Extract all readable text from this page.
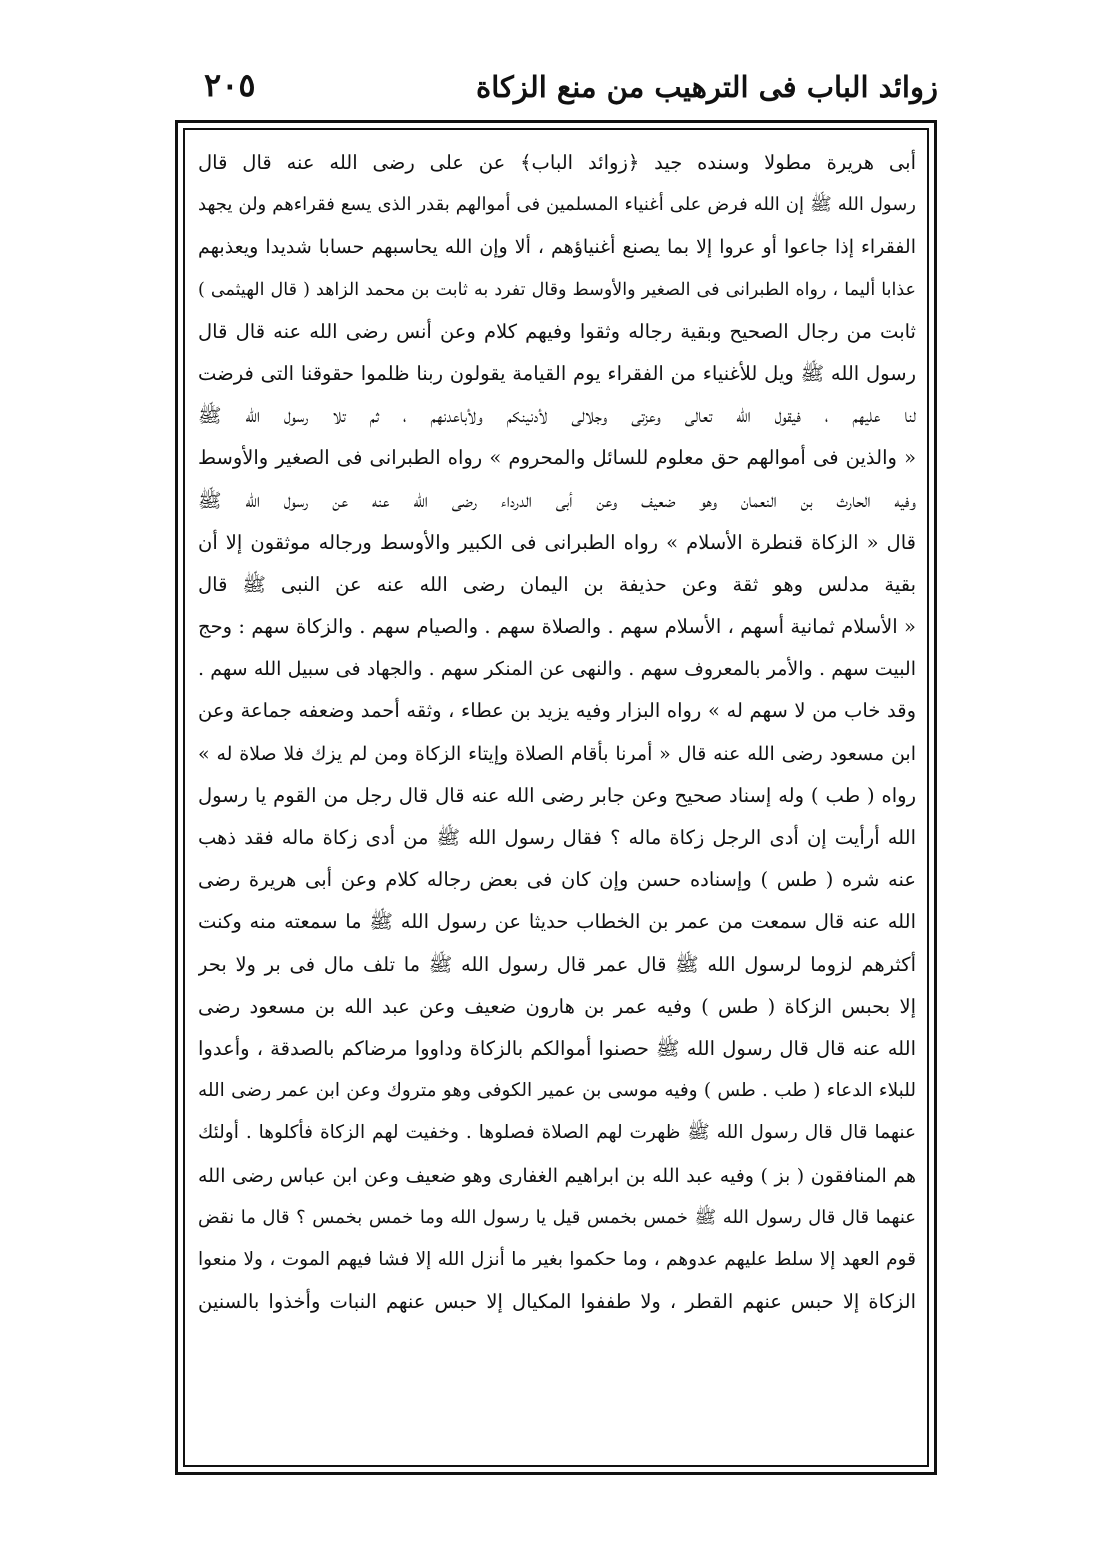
زوائد الباب فى الترهيب من منع الزكاة
٢٠٥
أبى هريرة مطولا وسنده جيد ﴿زوائد الباب﴾ عن على رضى الله عنه قال قال
رسول الله ﷺ إن الله فرض على أغنياء المسلمين فى أموالهم بقدر الذى يسع فقراءهم ولن يجهد
الفقراء إذا جاعوا أو عروا إلا بما يصنع أغنياؤهم ، ألا وإن الله يحاسبهم حسابا شديدا ويعذبهم
عذابا أليما ، رواه الطبرانى فى الصغير والأوسط وقال تفرد به ثابت بن محمد الزاهد ( قال الهيثمى )
ثابت من رجال الصحيح وبقية رجاله وثقوا وفيهم كلام وعن أنس رضى الله عنه قال قال
رسول الله ﷺ ويل للأغنياء من الفقراء يوم القيامة يقولون ربنا ظلموا حقوقنا التى فرضت
لنا عليهم ، فيقول الله تعالى وعزتى وجلالى لأدنينكم ولأباعدنهم ، ثم تلا رسول الله ﷺ
« والذين فى أموالهم حق معلوم للسائل والمحروم » رواه الطبرانى فى الصغير والأوسط
وفيه الحارث بن النعمان وهو ضعيف وعن أبى الدرداء رضى الله عنه عن رسول الله ﷺ
قال « الزكاة قنطرة الأسلام » رواه الطبرانى فى الكبير والأوسط ورجاله موثقون إلا أن
بقية مدلس وهو ثقة وعن حذيفة بن اليمان رضى الله عنه عن النبى ﷺ قال
« الأسلام ثمانية أسهم ، الأسلام سهم . والصلاة سهم . والصيام سهم . والزكاة سهم : وحج
البيت سهم . والأمر بالمعروف سهم . والنهى عن المنكر سهم . والجهاد فى سبيل الله سهم .
وقد خاب من لا سهم له » رواه البزار وفيه يزيد بن عطاء ، وثقه أحمد وضعفه جماعة وعن
ابن مسعود رضى الله عنه قال « أمرنا بأقام الصلاة وإيتاء الزكاة ومن لم يزك فلا صلاة له »
رواه ( طب ) وله إسناد صحيح وعن جابر رضى الله عنه قال قال رجل من القوم يا رسول
الله أرأيت إن أدى الرجل زكاة ماله ؟ فقال رسول الله ﷺ من أدى زكاة ماله فقد ذهب
عنه شره ( طس ) وإسناده حسن وإن كان فى بعض رجاله كلام وعن أبى هريرة رضى
الله عنه قال سمعت من عمر بن الخطاب حديثا عن رسول الله ﷺ ما سمعته منه وكنت
أكثرهم لزوما لرسول الله ﷺ قال عمر قال رسول الله ﷺ ما تلف مال فى بر ولا بحر
إلا بحبس الزكاة ( طس ) وفيه عمر بن هارون ضعيف وعن عبد الله بن مسعود رضى
الله عنه قال قال رسول الله ﷺ حصنوا أموالكم بالزكاة وداووا مرضاكم بالصدقة ، وأعدوا
للبلاء الدعاء ( طب . طس ) وفيه موسى بن عمير الكوفى وهو متروك وعن ابن عمر رضى الله
عنهما قال قال رسول الله ﷺ ظهرت لهم الصلاة فصلوها . وخفيت لهم الزكاة فأكلوها . أولئك
هم المنافقون ( بز ) وفيه عبد الله بن ابراهيم الغفارى وهو ضعيف وعن ابن عباس رضى الله
عنهما قال قال رسول الله ﷺ خمس بخمس قيل يا رسول الله وما خمس بخمس ؟ قال ما نقض
قوم العهد إلا سلط عليهم عدوهم ، وما حكموا بغير ما أنزل الله إلا فشا فيهم الموت ، ولا منعوا
الزكاة إلا حبس عنهم القطر ، ولا طففوا المكيال إلا حبس عنهم النبات وأخذوا بالسنين
